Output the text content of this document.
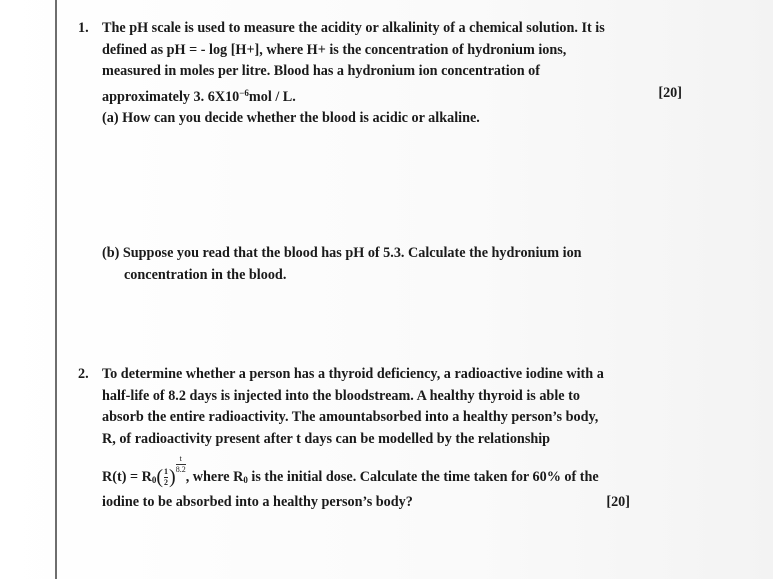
1. The pH scale is used to measure the acidity or alkalinity of a chemical solution. It is
defined as pH = - log [H+], where H+ is the concentration of hydronium ions,
measured in moles per litre. Blood has a hydronium ion concentration of
approximately 3. $6X10^{-6}mol$ / L.	[20]
(a) How can you decide whether the blood is acidic or alkaline.
(b) Suppose you read that the blood has pH of 5.3. Calculate the hydronium ion
concentration in the blood.
2. To determine whether a person has a thyroid deficiency, a radioactive iodine with a
half-life of 8.2 days is injected into the bloodstream. A healthy thyroid is able to
absorb the entire radioactivity. The amountabsorbed into a healthy person’s body,
R, of radioactivity present after t days can be modelled by the relationship
$R(t) = R0( \frac{1}{2} )\frac{t}{8.2}$, where R0 is the initial dose. Calculate the time taken for 60% of the
iodine to be absorbed into a healthy person’s body?	[20]
